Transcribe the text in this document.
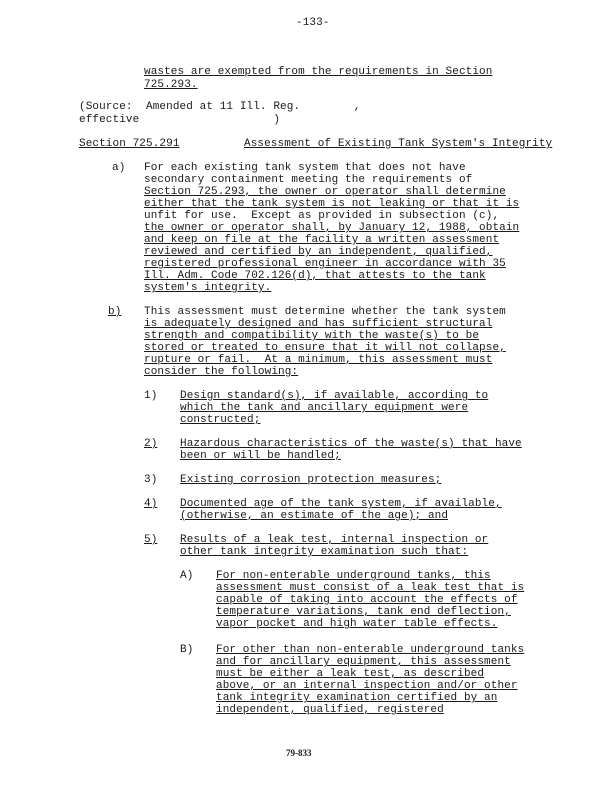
-133-
wastes are exempted from the requirements in Section
725.293.
(Source:  Amended at 11 Ill. Reg.        ,
effective                    )
Section 725.291	Assessment of Existing Tank System's Integrity
a) For each existing tank system that does not have
secondary containment meeting the requirements of
Section 725.293, the owner or operator shall determine
either that the tank system is not leaking or that it is
unfit for use.  Except as provided in subsection (c),
the owner or operator shall, by January 12, 1988, obtain
and keep on file at the facility a written assessment
reviewed and certified by an independent, qualified,
registered professional engineer in accordance with 35
Ill. Adm. Code 702.126(d), that attests to the tank
system's integrity.
b) This assessment must determine whether the tank system
is adequately designed and has sufficient structural
strength and compatibility with the waste(s) to be
stored or treated to ensure that it will not collapse,
rupture or fail.  At a minimum, this assessment must
consider the following:
1) Design standard(s), if available, according to
which the tank and ancillary equipment were
constructed;
2) Hazardous characteristics of the waste(s) that have
been or will be handled;
3) Existing corrosion protection measures;
4) Documented age of the tank system, if available,
(otherwise, an estimate of the age); and
5) Results of a leak test, internal inspection or
other tank integrity examination such that:
A) For non-enterable underground tanks, this
assessment must consist of a leak test that is
capable of taking into account the effects of
temperature variations, tank end deflection,
vapor pocket and high water table effects.
B) For other than non-enterable underground tanks
and for ancillary equipment, this assessment
must be either a leak test, as described
above, or an internal inspection and/or other
tank integrity examination certified by an
independent, qualified, registered
79-833
